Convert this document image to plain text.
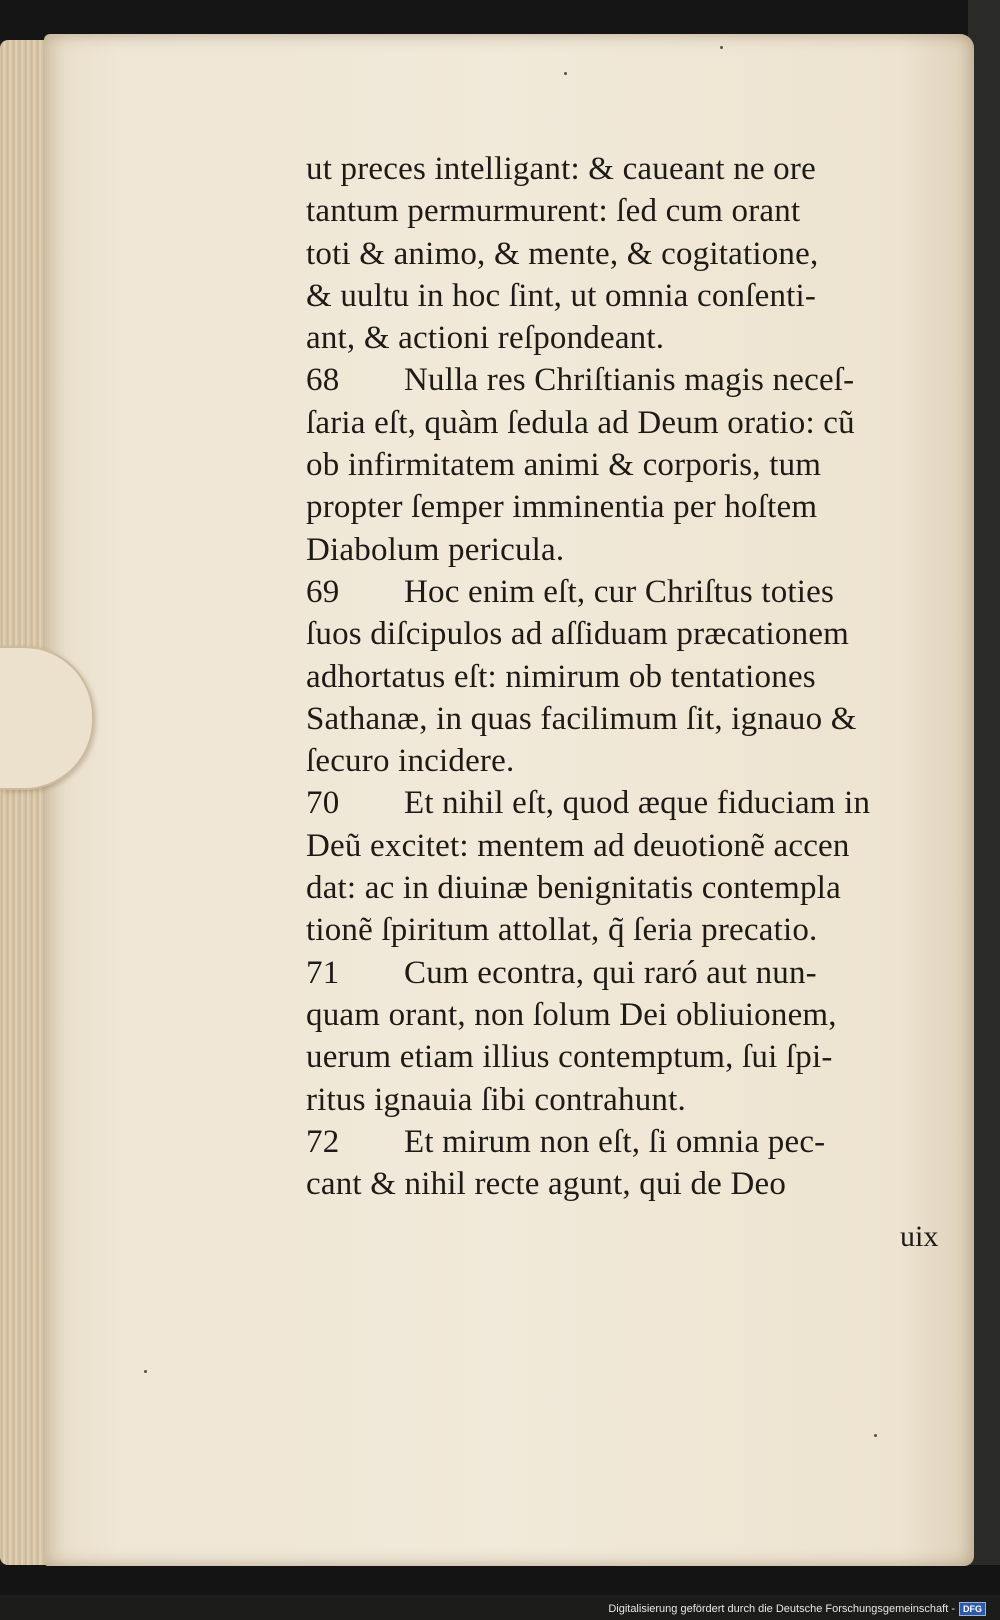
ut preces intelligant: & caueant ne ore
tantum permurmurent: ſed cum orant
toti & animo, & mente, & cogitatione,
& uultu in hoc ſint, ut omnia conſenti-
ant, & actioni reſpondeant.
68 Nulla res Chriſtianis magis neceſ-
ſaria eſt, quàm ſedula ad Deum oratio: cũ
ob infirmitatem animi & corporis, tum
propter ſemper imminentia per hoſtem
Diabolum pericula.
69 Hoc enim eſt, cur Chriſtus toties
ſuos diſcipulos ad aſſiduam præcationem
adhortatus eſt: nimirum ob tentationes
Sathanæ, in quas facilimum ſit, ignauo &
ſecuro incidere.
70 Et nihil eſt, quod æque fiduciam in
Deũ excitet: mentem ad deuotionẽ accen
dat: ac in diuinæ benignitatis contempla
tionẽ ſpiritum attollat, q̃ ſeria precatio.
71 Cum econtra, qui raró aut nun-
quam orant, non ſolum Dei obliuionem,
uerum etiam illius contemptum, ſui ſpi-
ritus ignauia ſibi contrahunt.
72 Et mirum non eſt, ſi omnia pec-
cant & nihil recte agunt, qui de Deo
uix
Digitalisierung gefördert durch die Deutsche Forschungsgemeinschaft - DFG
